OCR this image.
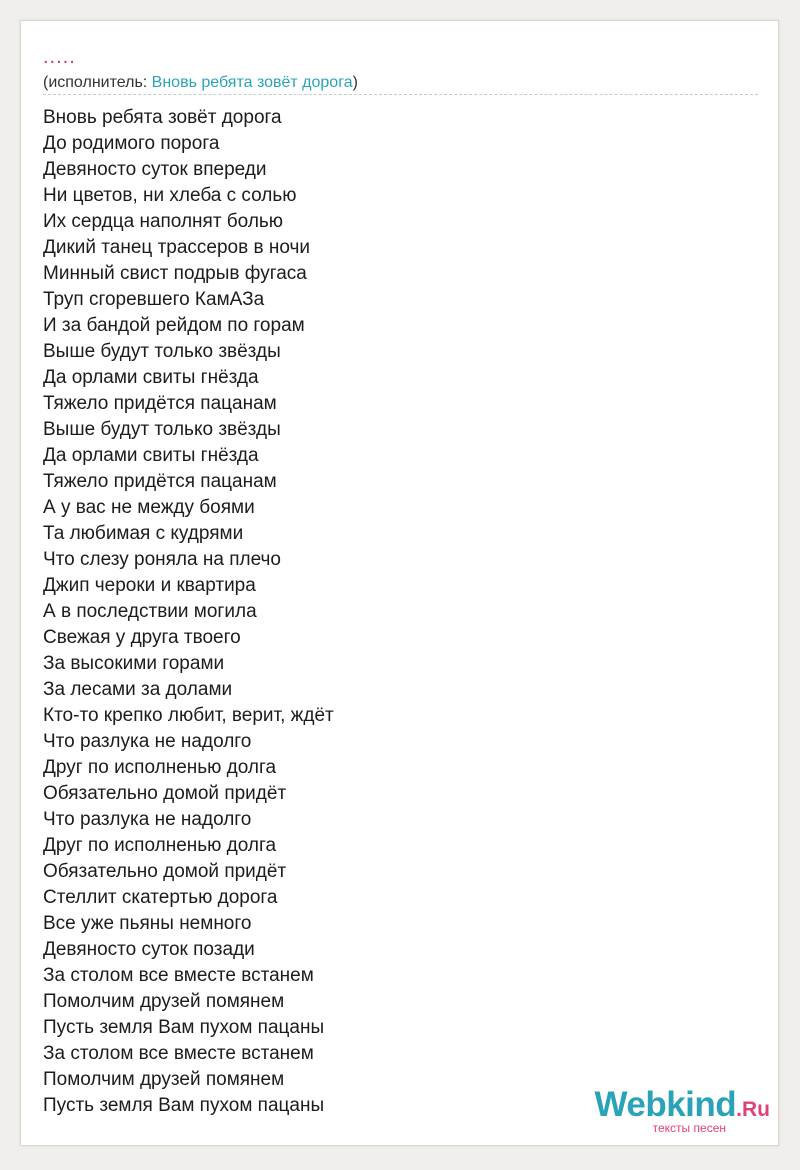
.....
(исполнитель: Вновь ребята зовёт дорога)
Вновь ребята зовёт дорога
До родимого порога
Девяносто суток впереди
Ни цветов, ни хлеба с солью
Их сердца наполнят болью
Дикий танец трассеров в ночи
Минный свист подрыв фугаса
Труп сгоревшего КамАЗа
И за бандой рейдом по горам
Выше будут только звёзды
Да орлами свиты гнёзда
Тяжело придётся пацанам
Выше будут только звёзды
Да орлами свиты гнёзда
Тяжело придётся пацанам
А у вас не между боями
Та любимая с кудрями
Что слезу роняла на плечо
Джип чероки и квартира
А в последствии могила
Свежая у друга твоего
За высокими горами
За лесами за долами
Кто-то крепко любит, верит, ждёт
Что разлука не надолго
Друг по исполненью долга
Обязательно домой придёт
Что разлука не надолго
Друг по исполненью долга
Обязательно домой придёт
Стеллит скатертью дорога
Все уже пьяны немного
Девяносто суток позади
За столом все вместе встанем
Помолчим друзей помянем
Пусть земля Вам пухом пацаны
За столом все вместе встанем
Помолчим друзей помянем
Пусть земля Вам пухом пацаны	Webkind.Ru
тексты песен
